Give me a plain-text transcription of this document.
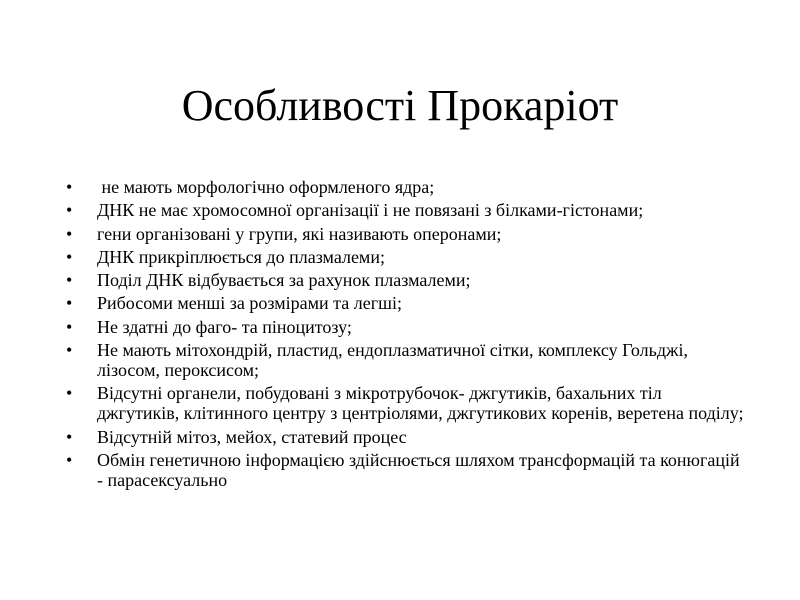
Особливості Прокаріот
•	не мають морфологічно оформленого ядра;
•	ДНК не має хромосомної організації і не повязані з білками-гістонами;
•	гени організовані у групи, які називають оперонами;
•	ДНК прикріплюється до плазмалеми;
•	Поділ ДНК відбувається за рахунок плазмалеми;
•	Рибосоми менші за розмірами та легші;
•	Не здатні до фаго- та піноцитозу;
•	Не мають мітохондрій, пластид, ендоплазматичної сітки, комплексу Гольджі, лізосом, пероксисом;
•	Відсутні органели, побудовані з мікротрубочок- джгутиків, бахальних тіл джгутиків, клітинного центру з центріолями, джгутикових коренів, веретена поділу;
•	Відсутній мітоз, мейох, статевий процес
•	Обмін генетичною інформацією здійснюється шляхом трансформацій та конюгацій - парасексуально
